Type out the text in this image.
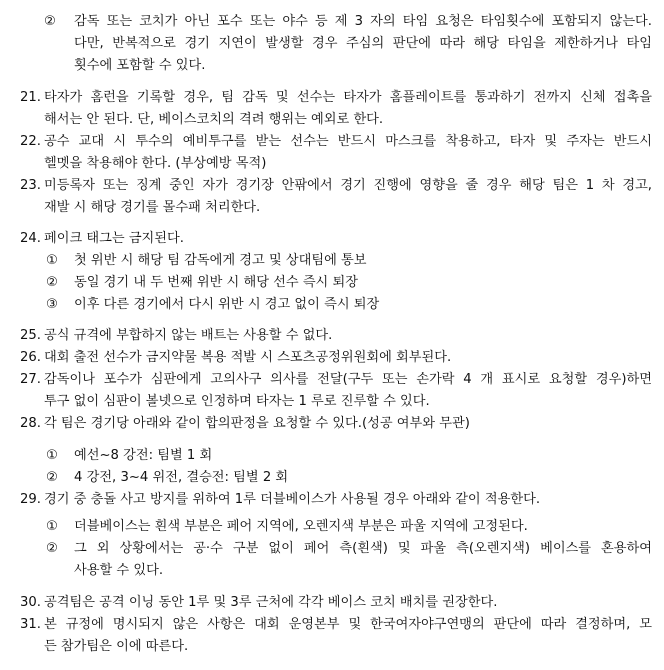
② 감독 또는 코치가 아닌 포수 또는 야수 등 제 3 자의 타임 요청은 타임횟수에 포함되지 않는다.
다만, 반복적으로 경기 지연이 발생할 경우 주심의 판단에 따라 해당 타임을 제한하거나 타임
횟수에 포함할 수 있다.
21. 타자가 홈런을 기록할 경우, 팀 감독 및 선수는 타자가 홈플레이트를 통과하기 전까지 신체 접촉을
해서는 안 된다. 단, 베이스코치의 격려 행위는 예외로 한다.
22. 공수 교대 시 투수의 예비투구를 받는 선수는 반드시 마스크를 착용하고, 타자 및 주자는 반드시
헬멧을 착용해야 한다. (부상예방 목적)
23. 미등록자 또는 징계 중인 자가 경기장 안팎에서 경기 진행에 영향을 줄 경우 해당 팀은 1 차 경고,
재발 시 해당 경기를 몰수패 처리한다.
24. 페이크 태그는 금지된다.
① 첫 위반 시 해당 팀 감독에게 경고 및 상대팀에 통보
② 동일 경기 내 두 번째 위반 시 해당 선수 즉시 퇴장
③ 이후 다른 경기에서 다시 위반 시 경고 없이 즉시 퇴장
25. 공식 규격에 부합하지 않는 배트는 사용할 수 없다.
26. 대회 출전 선수가 금지약물 복용 적발 시 스포츠공정위원회에 회부된다.
27. 감독이나 포수가 심판에게 고의사구 의사를 전달(구두 또는 손가락 4 개 표시로 요청할 경우)하면
투구 없이 심판이 볼넷으로 인정하며 타자는 1 루로 진루할 수 있다.
28. 각 팀은 경기당 아래와 같이 합의판정을 요청할 수 있다.(성공 여부와 무관)
① 예선~8 강전: 팀별 1 회
② 4 강전, 3~4 위전, 결승전: 팀별 2 회
29. 경기 중 충돌 사고 방지를 위하여 1루 더블베이스가 사용될 경우 아래와 같이 적용한다.
① 더블베이스는 흰색 부분은 페어 지역에, 오렌지색 부분은 파울 지역에 고정된다.
② 그 외 상황에서는 공·수 구분 없이 페어 측(흰색) 및 파울 측(오렌지색) 베이스를 혼용하여
사용할 수 있다.
30. 공격팀은 공격 이닝 동안 1루 및 3루 근처에 각각 베이스 코치 배치를 권장한다.
31. 본 규정에 명시되지 않은 사항은 대회 운영본부 및 한국여자야구연맹의 판단에 따라 결정하며, 모
든 참가팀은 이에 따른다.
